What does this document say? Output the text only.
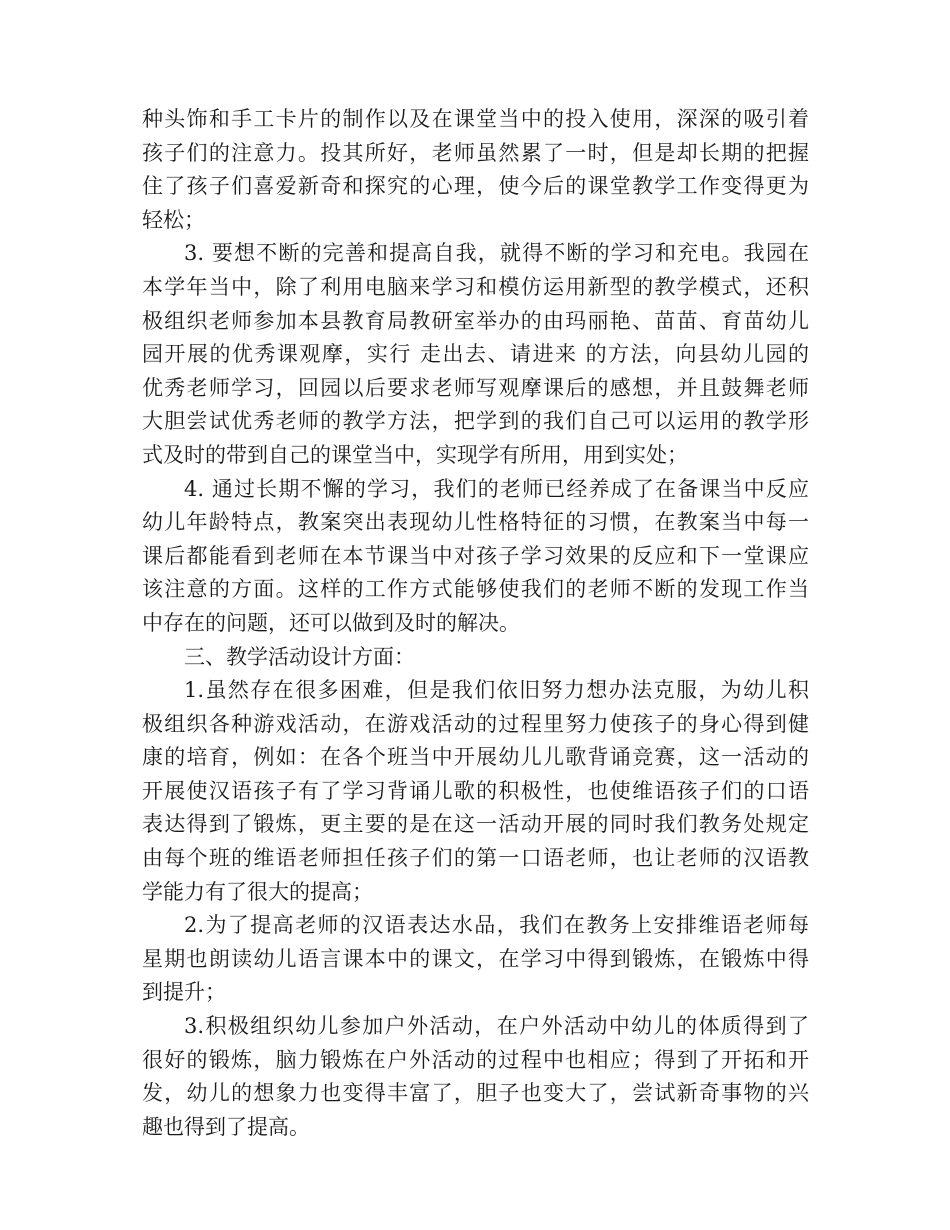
种头饰和手工卡片的制作以及在课堂当中的投入使用，深深的吸引着
孩子们的注意力。投其所好，老师虽然累了一时，但是却长期的把握
住了孩子们喜爱新奇和探究的心理，使今后的课堂教学工作变得更为
轻松；
3. 要想不断的完善和提高自我，就得不断的学习和充电。我园在
本学年当中，除了利用电脑来学习和模仿运用新型的教学模式，还积
极组织老师参加本县教育局教研室举办的由玛丽艳、苗苗、育苗幼儿
园开展的优秀课观摩，实行 走出去、请进来 的方法，向县幼儿园的
优秀老师学习，回园以后要求老师写观摩课后的感想，并且鼓舞老师
大胆尝试优秀老师的教学方法，把学到的我们自己可以运用的教学形
式及时的带到自己的课堂当中，实现学有所用，用到实处；
4. 通过长期不懈的学习，我们的老师已经养成了在备课当中反应
幼儿年龄特点，教案突出表现幼儿性格特征的习惯，在教案当中每一
课后都能看到老师在本节课当中对孩子学习效果的反应和下一堂课应
该注意的方面。这样的工作方式能够使我们的老师不断的发现工作当
中存在的问题，还可以做到及时的解决。
三、教学活动设计方面：
1.虽然存在很多困难，但是我们依旧努力想办法克服，为幼儿积
极组织各种游戏活动，在游戏活动的过程里努力使孩子的身心得到健
康的培育，例如：在各个班当中开展幼儿儿歌背诵竞赛，这一活动的
开展使汉语孩子有了学习背诵儿歌的积极性，也使维语孩子们的口语
表达得到了锻炼，更主要的是在这一活动开展的同时我们教务处规定
由每个班的维语老师担任孩子们的第一口语老师，也让老师的汉语教
学能力有了很大的提高；
2.为了提高老师的汉语表达水品，我们在教务上安排维语老师每
星期也朗读幼儿语言课本中的课文，在学习中得到锻炼，在锻炼中得
到提升；
3.积极组织幼儿参加户外活动，在户外活动中幼儿的体质得到了
很好的锻炼，脑力锻炼在户外活动的过程中也相应；得到了开拓和开
发，幼儿的想象力也变得丰富了，胆子也变大了，尝试新奇事物的兴
趣也得到了提高。
